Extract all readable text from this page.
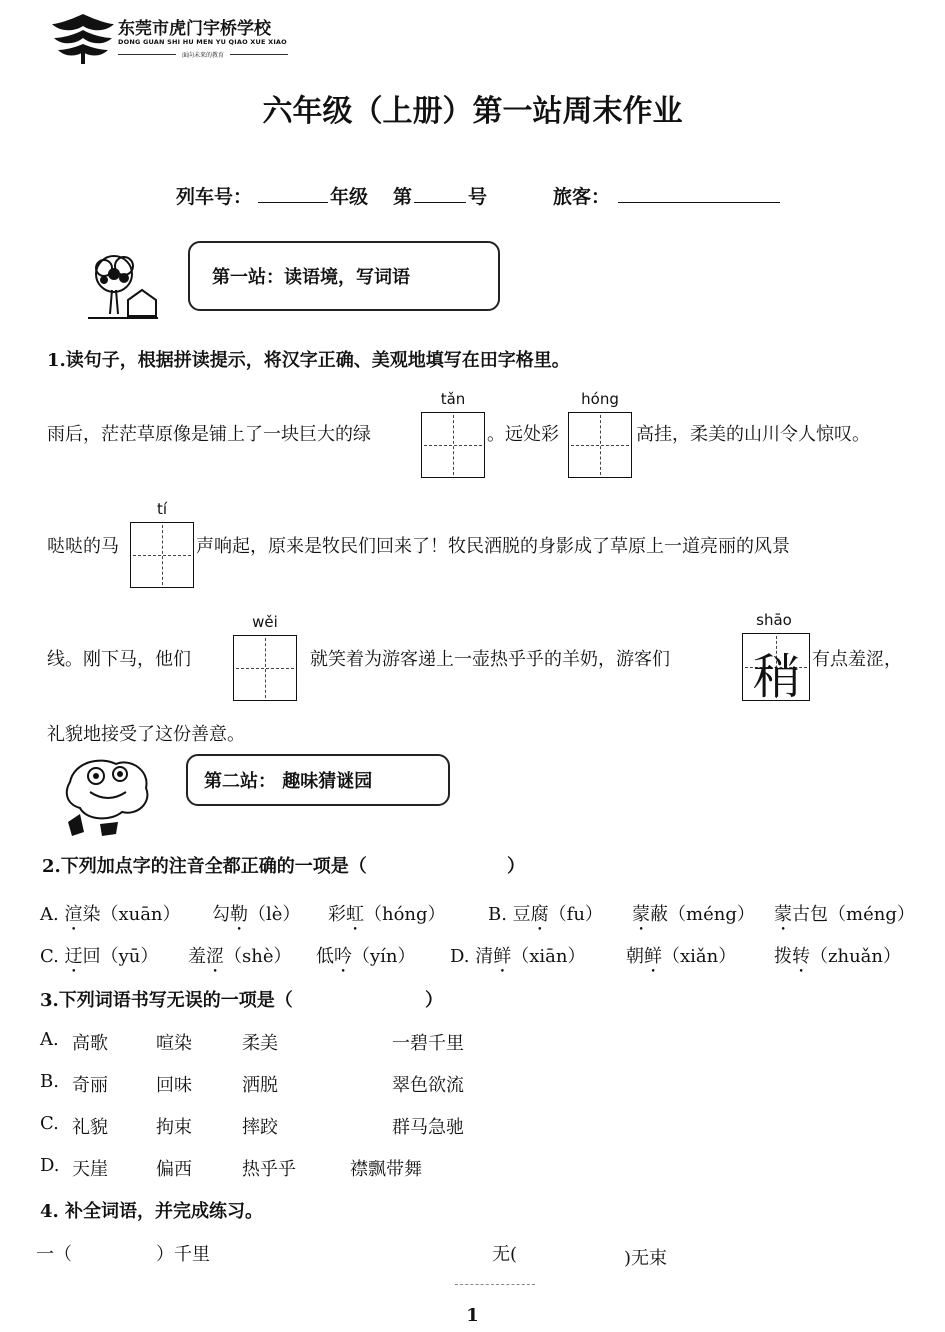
东莞市虎门宇桥学校
DONG GUAN SHI HU MEN YU QIAO XUE XIAO
面向未来的教育
六年级（上册）第一站周末作业
列车号：	年级 第	号	旅客：
第一站：读语境，写词语
1.读句子，根据拼读提示，将汉字正确、美观地填写在田字格里。
雨后，茫茫草原像是铺上了一块巨大的绿
tǎn
。远处彩
hóng
高挂，柔美的山川令人惊叹。
哒哒的马
tí
声响起，原来是牧民们回来了！牧民洒脱的身影成了草原上一道亮丽的风景
线。刚下马，他们
wěi
就笑着为游客递上一壶热乎乎的羊奶，游客们
shāo
稍 有点羞涩，
礼貌地接受了这份善意。
第二站： 趣味猜谜园
2.下列加点字的注音全都正确的一项是（	）
A. 渲染（xuān） 勾勒（lè） 彩虹（hóng） B. 豆腐（fu） 蒙蔽（méng） 蒙古包（méng）
C. 迂回（yū） 羞涩（shè） 低吟（yín） D. 清鲜（xiān） 朝鲜（xiǎn） 拨转（zhuǎn）
3.下列词语书写无误的一项是（	）
A. 高歌	喧染	柔美	一碧千里
B. 奇丽	回味	洒脱	翠色欲流
C. 礼貌	拘束	摔跤	群马急驰
D. 天崖	偏西	热乎乎	襟飘带舞
4. 补全词语，并完成练习。
一（	）千里	无(	)无束
1
